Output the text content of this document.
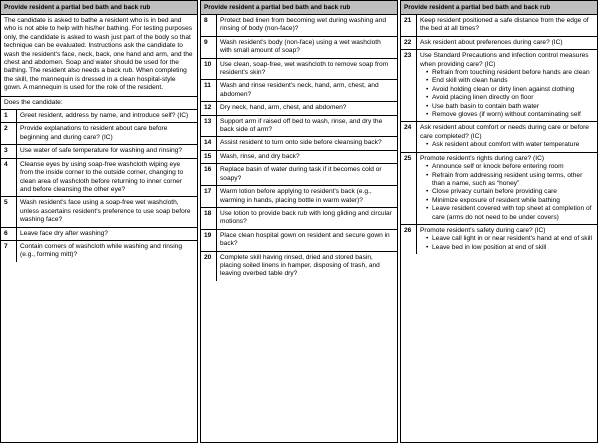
Provide resident a partial bed bath and back rub
The candidate is asked to bathe a resident who is in bed and who is not able to help with his/her bathing. For testing purposes only, the candidate is asked to wash just part of the body so that technique can be evaluated. Instructions ask the candidate to wash the resident's face, neck, back, one hand and arm, and the chest and abdomen. Soap and water should be used for the bathing. The resident also needs a back rub. When completing the skill, the mannequin is dressed in a clean hospital-style gown. A mannequin is used for the role of the resident.
Does the candidate:
1	Greet resident, address by name, and introduce self? (IC)
2	Provide explanations to resident about care before beginning and during care? (IC)
3	Use water of safe temperature for washing and rinsing?
4	Cleanse eyes by using soap-free washcloth wiping eye from the inside corner to the outside corner, changing to clean area of washcloth before returning to inner corner and before cleansing the other eye?
5	Wash resident's face using a soap-free wet washcloth, unless ascertains resident's preference to use soap before washing face?
6	Leave face dry after washing?
7	Contain corners of washcloth while washing and rinsing (e.g., forming mitt)?
Provide resident a partial bed bath and back rub
8	Protect bed linen from becoming wet during washing and rinsing of body (non-face)?
9	Wash resident's body (non-face) using a wet washcloth with small amount of soap?
10	Use clean, soap-free, wet washcloth to remove soap from resident's skin?
11	Wash and rinse resident's neck, hand, arm, chest, and abdomen?
12	Dry neck, hand, arm, chest, and abdomen?
13	Support arm if raised off bed to wash, rinse, and dry the back side of arm?
14	Assist resident to turn onto side before cleansing back?
15	Wash, rinse, and dry back?
16	Replace basin of water during task if it becomes cold or soapy?
17	Warm lotion before applying to resident's back (e.g., warming in hands, placing bottle in warm water)?
18	Use lotion to provide back rub with long gliding and circular motions?
19	Place clean hospital gown on resident and secure gown in back?
20	Complete skill having rinsed, dried and stored basin, placing soiled linens in hamper, disposing of trash, and leaving overbed table dry?
Provide resident a partial bed bath and back rub
21	Keep resident positioned a safe distance from the edge of the bed at all times?
22	Ask resident about preferences during care? (IC)
23	Use Standard Precautions and infection control measures when providing care? (IC)
• Refrain from touching resident before hands are clean
• End skill with clean hands
• Avoid holding clean or dirty linen against clothing
• Avoid placing linen directly on floor
• Use bath basin to contain bath water
• Remove gloves (if worn) without contaminating self
24	Ask resident about comfort or needs during care or before care completed? (IC)
• Ask resident about comfort with water temperature
25	Promote resident's rights during care? (IC)
• Announce self or knock before entering room
• Refrain from addressing resident using terms, other than a name, such as “honey”
• Close privacy curtain before providing care
• Minimize exposure of resident while bathing
• Leave resident covered with top sheet at completion of care (arms do not need to be under covers)
26	Promote resident's safety during care? (IC)
• Leave call light in or near resident's hand at end of skill
• Leave bed in low position at end of skill
